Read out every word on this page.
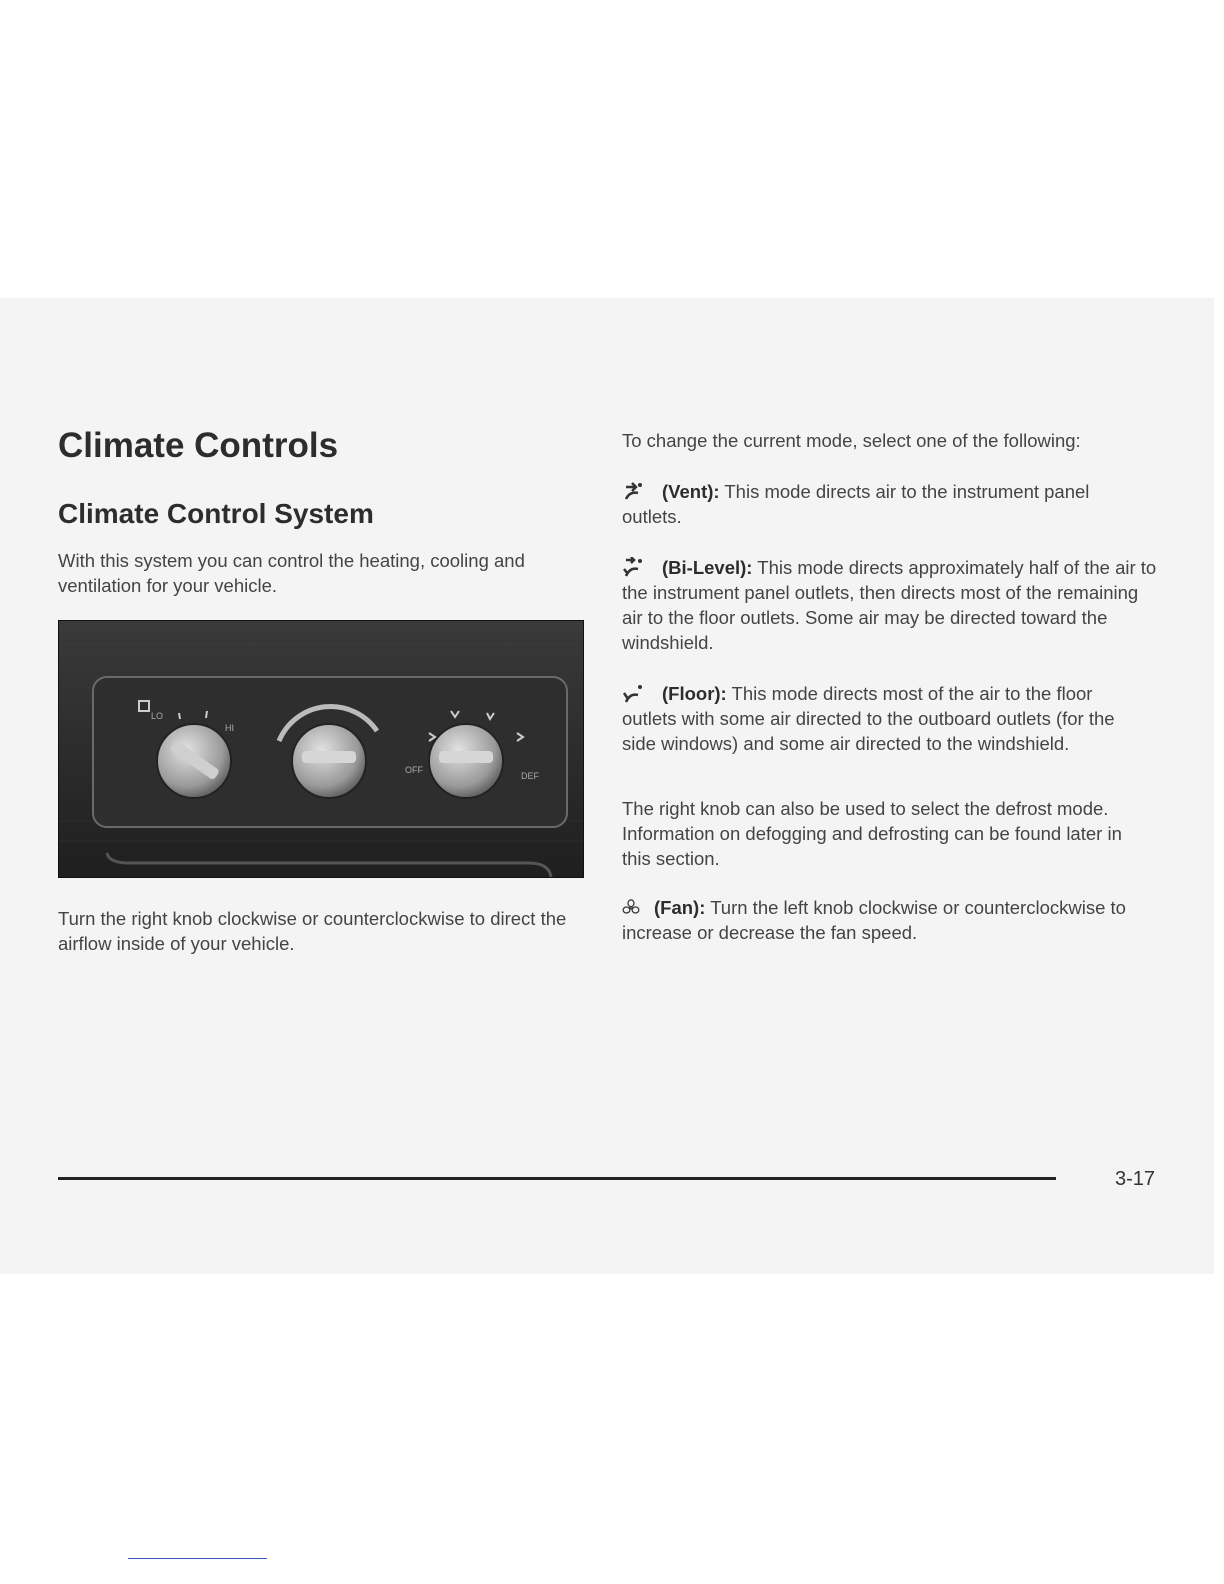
Climate Controls
Climate Control System

With this system you can control the heating, cooling and ventilation for your vehicle.

LO
HI
OFF
DEF

Turn the right knob clockwise or counterclockwise to direct the airflow inside of your vehicle.

To change the current mode, select one of the following:

(Vent): This mode directs air to the instrument panel outlets.

(Bi-Level): This mode directs approximately half of the air to the instrument panel outlets, then directs most of the remaining air to the floor outlets. Some air may be directed toward the windshield.

(Floor): This mode directs most of the air to the floor outlets with some air directed to the outboard outlets (for the side windows) and some air directed to the windshield.

The right knob can also be used to select the defrost mode. Information on defogging and defrosting can be found later in this section.

(Fan): Turn the left knob clockwise or counterclockwise to increase or decrease the fan speed.

3-17
